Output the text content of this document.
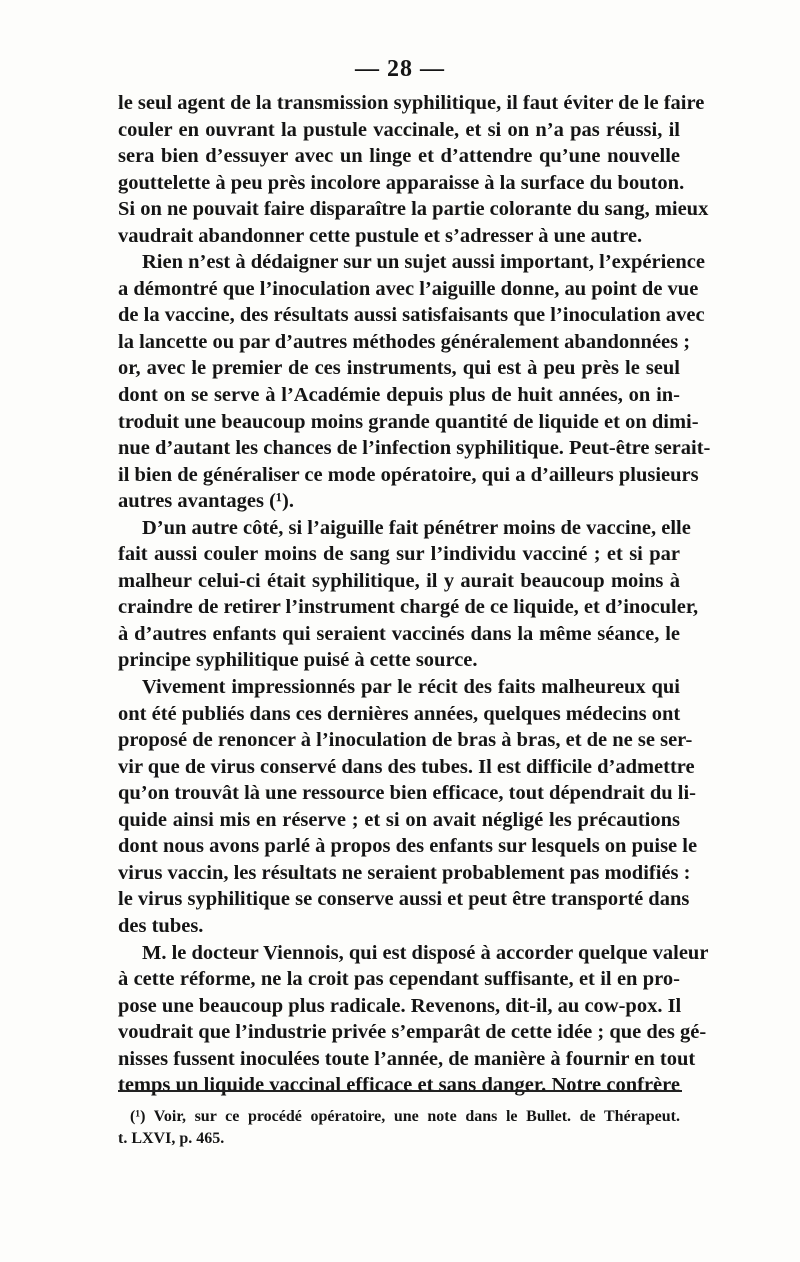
— 28 —
le seul agent de la transmission syphilitique, il faut éviter de le faire
couler en ouvrant la pustule vaccinale, et si on n’a pas réussi, il
sera bien d’essuyer avec un linge et d’attendre qu’une nouvelle
gouttelette à peu près incolore apparaisse à la surface du bouton.
Si on ne pouvait faire disparaître la partie colorante du sang, mieux
vaudrait abandonner cette pustule et s’adresser à une autre.
Rien n’est à dédaigner sur un sujet aussi important, l’expérience
a démontré que l’inoculation avec l’aiguille donne, au point de vue
de la vaccine, des résultats aussi satisfaisants que l’inoculation avec
la lancette ou par d’autres méthodes généralement abandonnées ;
or, avec le premier de ces instruments, qui est à peu près le seul
dont on se serve à l’Académie depuis plus de huit années, on in-
troduit une beaucoup moins grande quantité de liquide et on dimi-
nue d’autant les chances de l’infection syphilitique. Peut-être serait-
il bien de généraliser ce mode opératoire, qui a d’ailleurs plusieurs
autres avantages (¹).
D’un autre côté, si l’aiguille fait pénétrer moins de vaccine, elle
fait aussi couler moins de sang sur l’individu vacciné ; et si par
malheur celui-ci était syphilitique, il y aurait beaucoup moins à
craindre de retirer l’instrument chargé de ce liquide, et d’inoculer,
à d’autres enfants qui seraient vaccinés dans la même séance, le
principe syphilitique puisé à cette source.
Vivement impressionnés par le récit des faits malheureux qui
ont été publiés dans ces dernières années, quelques médecins ont
proposé de renoncer à l’inoculation de bras à bras, et de ne se ser-
vir que de virus conservé dans des tubes. Il est difficile d’admettre
qu’on trouvât là une ressource bien efficace, tout dépendrait du li-
quide ainsi mis en réserve ; et si on avait négligé les précautions
dont nous avons parlé à propos des enfants sur lesquels on puise le
virus vaccin, les résultats ne seraient probablement pas modifiés :
le virus syphilitique se conserve aussi et peut être transporté dans
des tubes.
M. le docteur Viennois, qui est disposé à accorder quelque valeur
à cette réforme, ne la croit pas cependant suffisante, et il en pro-
pose une beaucoup plus radicale. Revenons, dit-il, au cow-pox. Il
voudrait que l’industrie privée s’emparât de cette idée ; que des gé-
nisses fussent inoculées toute l’année, de manière à fournir en tout
temps un liquide vaccinal efficace et sans danger. Notre confrère
(¹) Voir, sur ce procédé opératoire, une note dans le Bullet. de Thérapeut.
t. LXVI, p. 465.
